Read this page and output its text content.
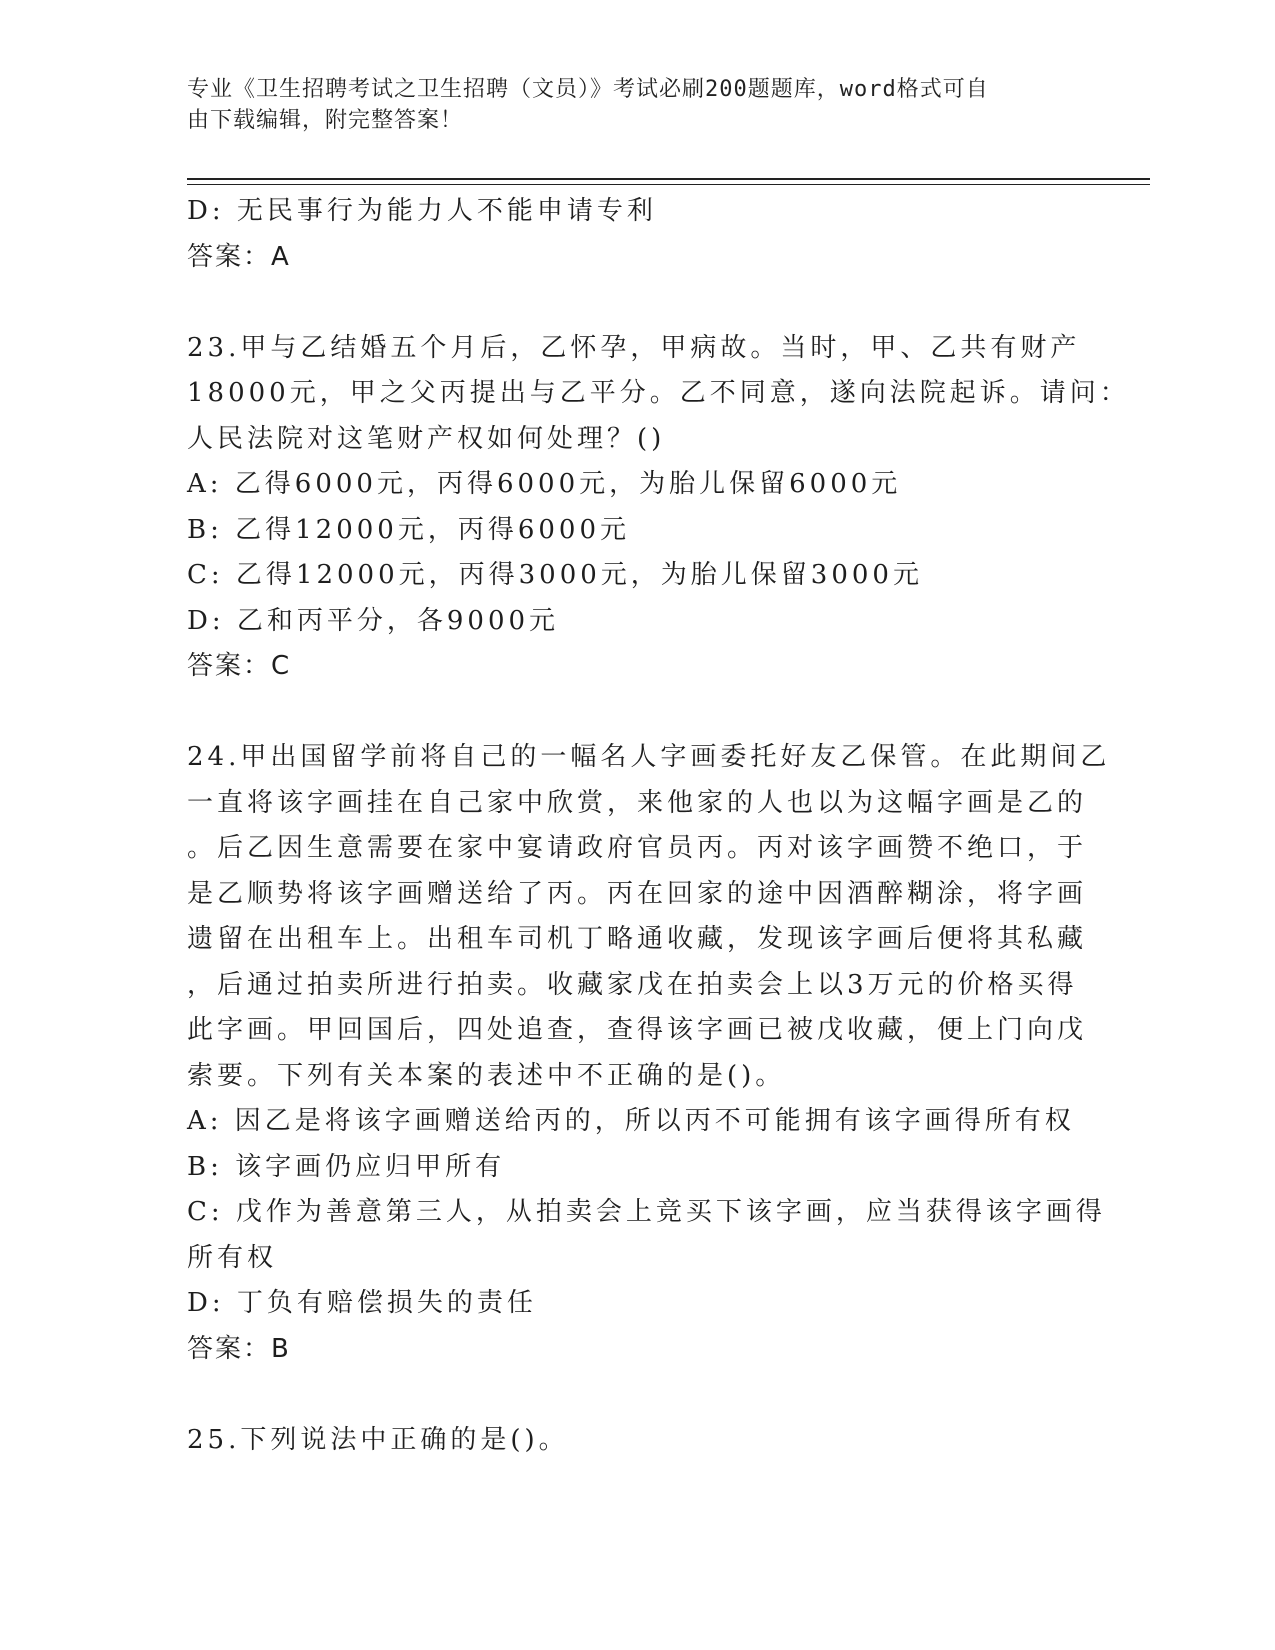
专业《卫生招聘考试之卫生招聘（文员）》考试必刷200题题库，word格式可自
由下载编辑，附完整答案！
D: 无民事行为能力人不能申请专利
答案：A
23.甲与乙结婚五个月后，乙怀孕，甲病故。当时，甲、乙共有财产
18000元，甲之父丙提出与乙平分。乙不同意，遂向法院起诉。请问：
人民法院对这笔财产权如何处理？()
A: 乙得6000元，丙得6000元，为胎儿保留6000元
B: 乙得12000元，丙得6000元
C: 乙得12000元，丙得3000元，为胎儿保留3000元
D: 乙和丙平分，各9000元
答案：C
24.甲出国留学前将自己的一幅名人字画委托好友乙保管。在此期间乙
一直将该字画挂在自己家中欣赏，来他家的人也以为这幅字画是乙的
。后乙因生意需要在家中宴请政府官员丙。丙对该字画赞不绝口，于
是乙顺势将该字画赠送给了丙。丙在回家的途中因酒醉糊涂，将字画
遗留在出租车上。出租车司机丁略通收藏，发现该字画后便将其私藏
，后通过拍卖所进行拍卖。收藏家戊在拍卖会上以3万元的价格买得
此字画。甲回国后，四处追查，查得该字画已被戊收藏，便上门向戊
索要。下列有关本案的表述中不正确的是()。
A: 因乙是将该字画赠送给丙的，所以丙不可能拥有该字画得所有权
B: 该字画仍应归甲所有
C: 戊作为善意第三人，从拍卖会上竞买下该字画，应当获得该字画得
所有权
D: 丁负有赔偿损失的责任
答案：B
25.下列说法中正确的是()。
